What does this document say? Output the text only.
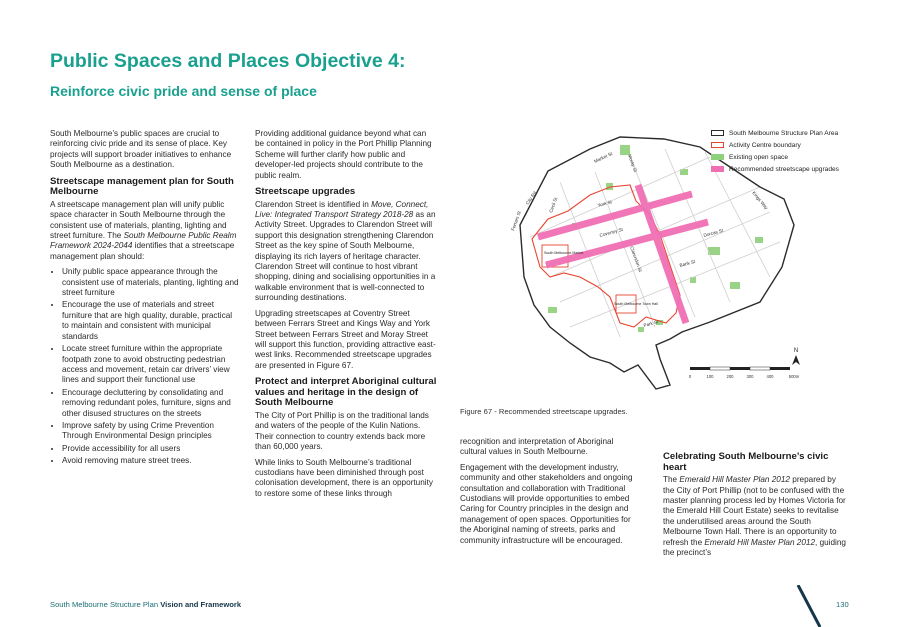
Public Spaces and Places Objective 4:
Reinforce civic pride and sense of place

South Melbourne’s public spaces are crucial to reinforcing civic pride and its sense of place. Key projects will support broader initiatives to enhance South Melbourne as a destination.

Streetscape management plan for South Melbourne

A streetscape management plan will unify public space character in South Melbourne through the consistent use of materials, planting, lighting and street furniture. The South Melbourne Public Realm Framework 2024-2044 identifies that a streetscape management plan should:

• Unify public space appearance through the consistent use of materials, planting, lighting and street furniture
• Encourage the use of materials and street furniture that are high quality, durable, practical to maintain and consistent with municipal standards
• Locate street furniture within the appropriate footpath zone to avoid obstructing pedestrian access and movement, retain car drivers’ view lines and support their functional use
• Encourage decluttering by consolidating and removing redundant poles, furniture, signs and other disused structures on the streets
• Improve safety by using Crime Prevention Through Environmental Design principles
• Provide accessibility for all users
• Avoid removing mature street trees.

Providing additional guidance beyond what can be contained in policy in the Port Phillip Planning Scheme will further clarify how public and developer-led projects should contribute to the public realm.

Streetscape upgrades

Clarendon Street is identified in Move, Connect, Live: Integrated Transport Strategy 2018-28 as an Activity Street. Upgrades to Clarendon Street will support this designation strengthening Clarendon Street as the key spine of South Melbourne, displaying its rich layers of heritage character. Clarendon Street will continue to host vibrant shopping, dining and socialising opportunities in a walkable environment that is well-connected to surrounding destinations.

Upgrading streetscapes at Coventry Street between Ferrars Street and Kings Way and York Street between Ferrars Street and Moray Street will support this function, providing attractive east-west links. Recommended streetscape upgrades are presented in Figure 67.

Protect and interpret Aboriginal cultural values and heritage in the design of South Melbourne

The City of Port Phillip is on the traditional lands and waters of the people of the Kulin Nations. Their connection to country extends back more than 60,000 years.

While links to South Melbourne’s traditional custodians have been diminished through post colonisation development, there is an opportunity to restore some of these links through

City Rd
Ferrars St
Cecil St
Market St	Moray St
Kings Way
York St
Coventry St	Dorcas St
Clarendon St	Bank St
Park St
South Melbourne Market
South Melbourne Town Hall
0	100	200	300	400	500m
N
South Melbourne Structure Plan Area
Activity Centre boundary
Existing open space
Recommended streetscape upgrades
Figure 67 - Recommended streetscape upgrades.

recognition and interpretation of Aboriginal cultural values in South Melbourne.

Engagement with the development industry, community and other stakeholders and ongoing consultation and collaboration with Traditional Custodians will provide opportunities to embed Caring for Country principles in the design and management of open spaces. Opportunities for the Aboriginal naming of streets, parks and community infrastructure will be encouraged.

Celebrating South Melbourne’s civic heart

The Emerald Hill Master Plan 2012 prepared by the City of Port Phillip (not to be confused with the master planning process led by Homes Victoria for the Emerald Hill Court Estate) seeks to revitalise the underutilised areas around the South Melbourne Town Hall. There is an opportunity to refresh the Emerald Hill Master Plan 2012, guiding the precinct’s

South Melbourne Structure Plan Vision and Framework	130
